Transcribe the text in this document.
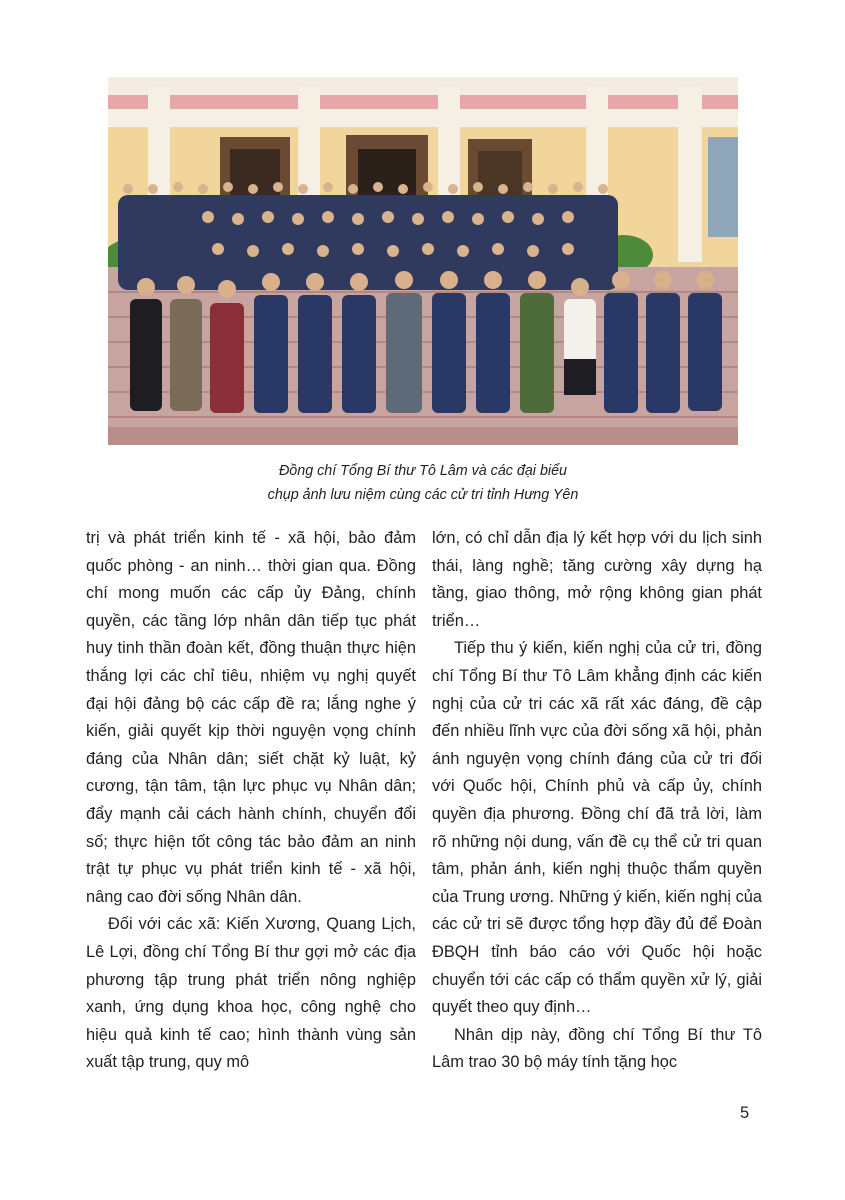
Đồng chí Tổng Bí thư Tô Lâm và các đại biểu
chụp ảnh lưu niệm cùng các cử tri tỉnh Hưng Yên

trị và phát triển kinh tế - xã hội, bảo đảm quốc phòng - an ninh… thời gian qua. Đồng chí mong muốn các cấp ủy Đảng, chính quyền, các tầng lớp nhân dân tiếp tục phát huy tinh thần đoàn kết, đồng thuận thực hiện thắng lợi các chỉ tiêu, nhiệm vụ nghị quyết đại hội đảng bộ các cấp đề ra; lắng nghe ý kiến, giải quyết kịp thời nguyện vọng chính đáng của Nhân dân; siết chặt kỷ luật, kỷ cương, tận tâm, tận lực phục vụ Nhân dân; đẩy mạnh cải cách hành chính, chuyển đổi số; thực hiện tốt công tác bảo đảm an ninh trật tự phục vụ phát triển kinh tế - xã hội, nâng cao đời sống Nhân dân.

Đối với các xã: Kiến Xương, Quang Lịch, Lê Lợi, đồng chí Tổng Bí thư gợi mở các địa phương tập trung phát triển nông nghiệp xanh, ứng dụng khoa học, công nghệ cho hiệu quả kinh tế cao; hình thành vùng sản xuất tập trung, quy mô

lớn, có chỉ dẫn địa lý kết hợp với du lịch sinh thái, làng nghề; tăng cường xây dựng hạ tầng, giao thông, mở rộng không gian phát triển…

Tiếp thu ý kiến, kiến nghị của cử tri, đồng chí Tổng Bí thư Tô Lâm khẳng định các kiến nghị của cử tri các xã rất xác đáng, đề cập đến nhiều lĩnh vực của đời sống xã hội, phản ánh nguyện vọng chính đáng của cử tri đối với Quốc hội, Chính phủ và cấp ủy, chính quyền địa phương. Đồng chí đã trả lời, làm rõ những nội dung, vấn đề cụ thể cử tri quan tâm, phản ánh, kiến nghị thuộc thẩm quyền của Trung ương. Những ý kiến, kiến nghị của các cử tri sẽ được tổng hợp đầy đủ để Đoàn ĐBQH tỉnh báo cáo với Quốc hội hoặc chuyển tới các cấp có thẩm quyền xử lý, giải quyết theo quy định…

Nhân dịp này, đồng chí Tổng Bí thư Tô Lâm trao 30 bộ máy tính tặng học

5
